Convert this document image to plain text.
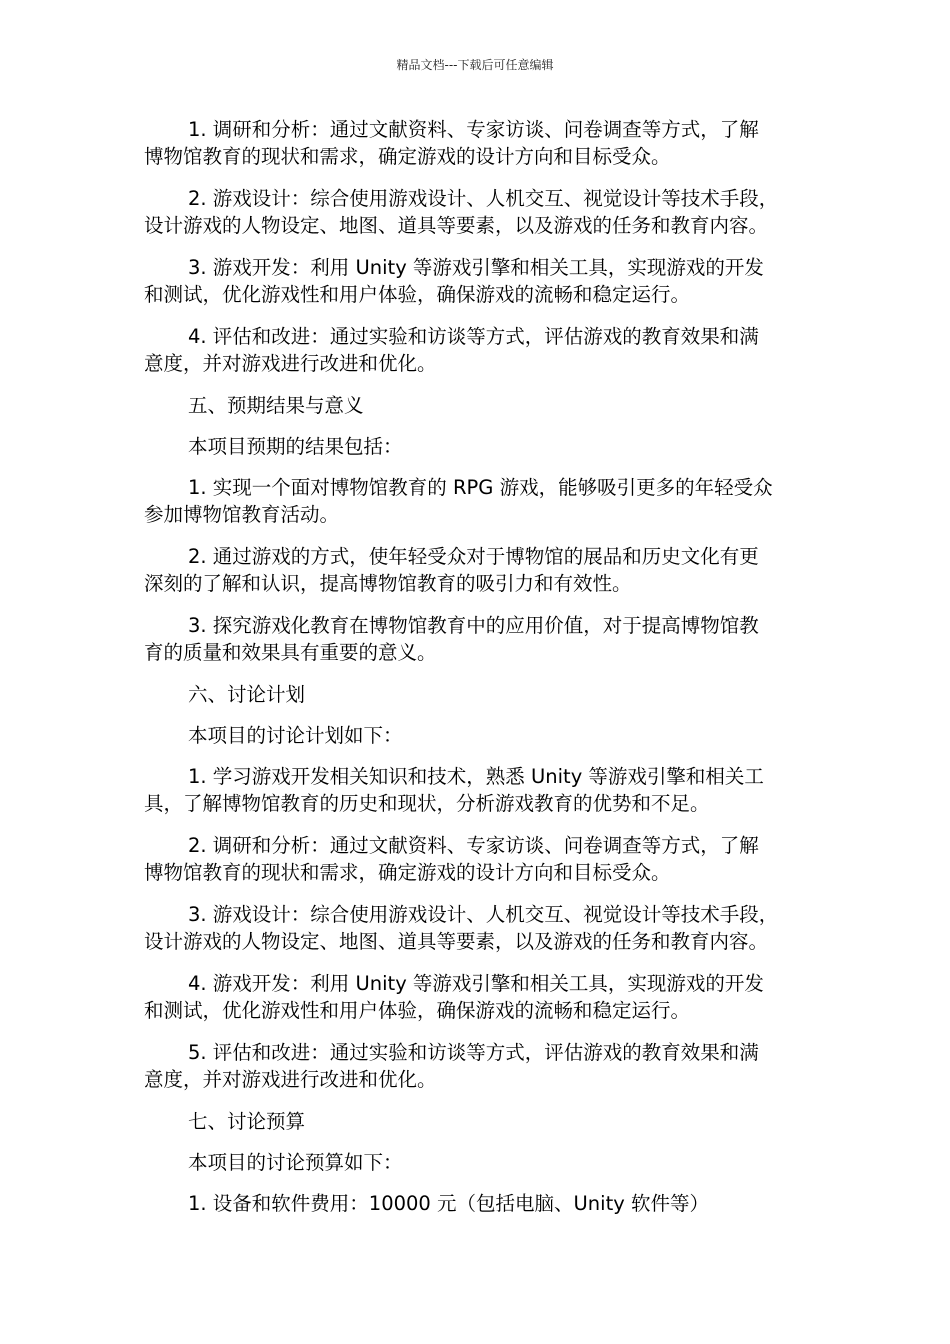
精品文档---下载后可任意编辑

1. 调研和分析：通过文献资料、专家访谈、问卷调查等方式，了解
博物馆教育的现状和需求，确定游戏的设计方向和目标受众。

2. 游戏设计：综合使用游戏设计、人机交互、视觉设计等技术手段，
设计游戏的人物设定、地图、道具等要素，以及游戏的任务和教育内容。

3. 游戏开发：利用 Unity 等游戏引擎和相关工具，实现游戏的开发
和测试，优化游戏性和用户体验，确保游戏的流畅和稳定运行。

4. 评估和改进：通过实验和访谈等方式，评估游戏的教育效果和满
意度，并对游戏进行改进和优化。

五、预期结果与意义

本项目预期的结果包括：

1. 实现一个面对博物馆教育的 RPG 游戏，能够吸引更多的年轻受众
参加博物馆教育活动。

2. 通过游戏的方式，使年轻受众对于博物馆的展品和历史文化有更
深刻的了解和认识，提高博物馆教育的吸引力和有效性。

3. 探究游戏化教育在博物馆教育中的应用价值，对于提高博物馆教
育的质量和效果具有重要的意义。

六、讨论计划

本项目的讨论计划如下：

1. 学习游戏开发相关知识和技术，熟悉 Unity 等游戏引擎和相关工
具，了解博物馆教育的历史和现状，分析游戏教育的优势和不足。

2. 调研和分析：通过文献资料、专家访谈、问卷调查等方式，了解
博物馆教育的现状和需求，确定游戏的设计方向和目标受众。

3. 游戏设计：综合使用游戏设计、人机交互、视觉设计等技术手段，
设计游戏的人物设定、地图、道具等要素，以及游戏的任务和教育内容。

4. 游戏开发：利用 Unity 等游戏引擎和相关工具，实现游戏的开发
和测试，优化游戏性和用户体验，确保游戏的流畅和稳定运行。

5. 评估和改进：通过实验和访谈等方式，评估游戏的教育效果和满
意度，并对游戏进行改进和优化。

七、讨论预算

本项目的讨论预算如下：

1. 设备和软件费用：10000 元（包括电脑、Unity 软件等）
